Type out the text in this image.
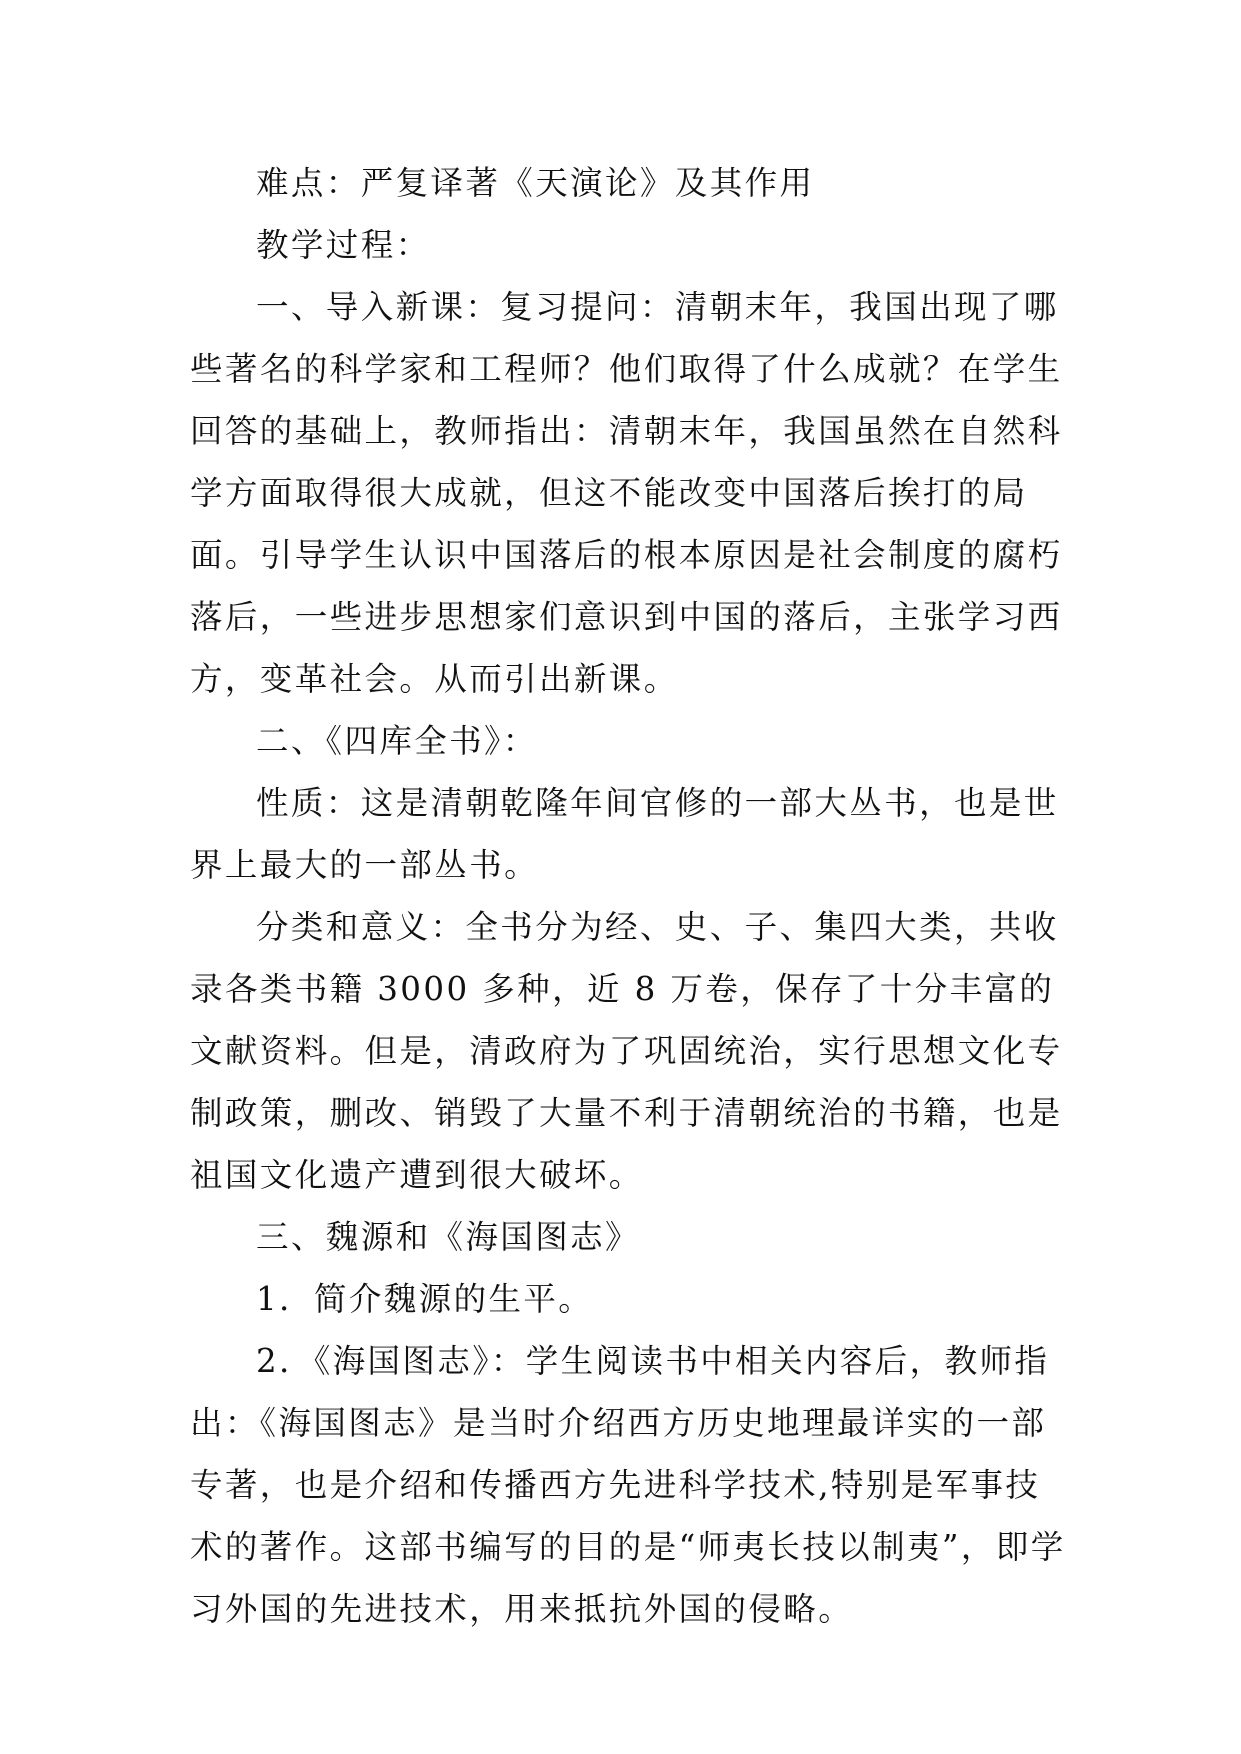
难点：严复译著《天演论》及其作用

教学过程：

一、导入新课：复习提问：清朝末年，我国出现了哪些著名的科学家和工程师？他们取得了什么成就？在学生回答的基础上，教师指出：清朝末年，我国虽然在自然科学方面取得很大成就，但这不能改变中国落后挨打的局面。引导学生认识中国落后的根本原因是社会制度的腐朽落后，一些进步思想家们意识到中国的落后，主张学习西方，变革社会。从而引出新课。

二、《四库全书》：

性质：这是清朝乾隆年间官修的一部大丛书，也是世界上最大的一部丛书。

分类和意义：全书分为经、史、子、集四大类，共收录各类书籍 3000 多种，近 8 万卷，保存了十分丰富的文献资料。但是，清政府为了巩固统治，实行思想文化专制政策，删改、销毁了大量不利于清朝统治的书籍，也是祖国文化遗产遭到很大破坏。

三、魏源和《海国图志》

1．简介魏源的生平。

2．《海国图志》：学生阅读书中相关内容后，教师指出：《海国图志》是当时介绍西方历史地理最详实的一部专著，也是介绍和传播西方先进科学技术,特别是军事技术的著作。这部书编写的目的是“师夷长技以制夷”，即学习外国的先进技术，用来抵抗外国的侵略。
